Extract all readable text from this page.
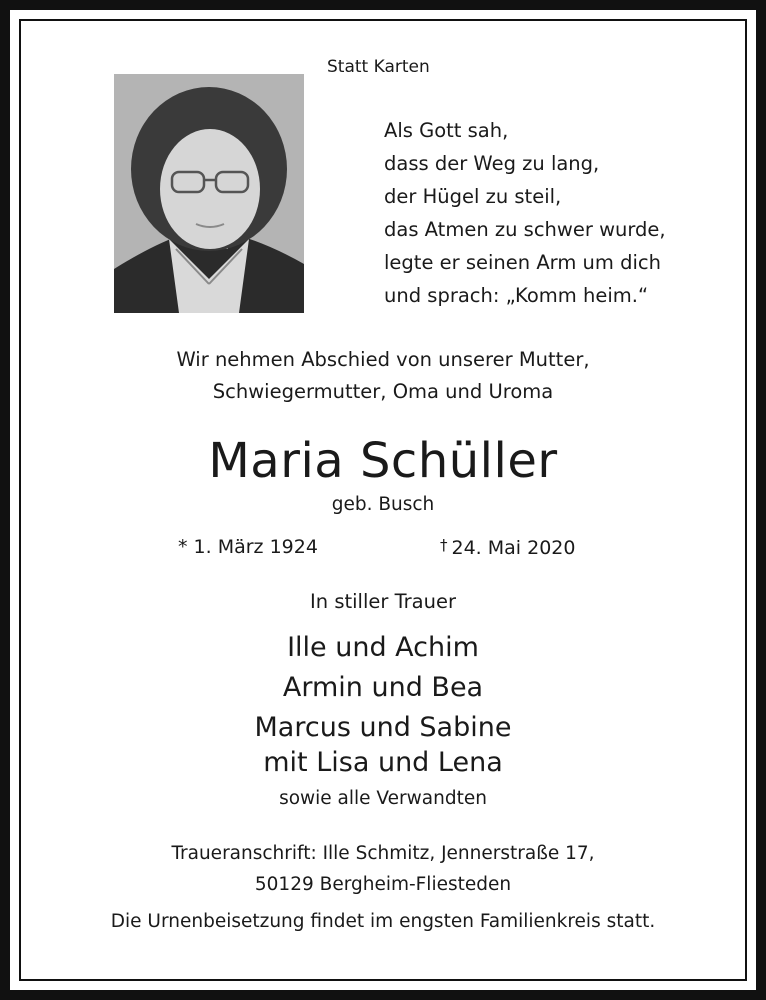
Statt Karten
Als Gott sah,
dass der Weg zu lang,
der Hügel zu steil,
das Atmen zu schwer wurde,
legte er seinen Arm um dich
und sprach: „Komm heim.“
Wir nehmen Abschied von unserer Mutter,
Schwiegermutter, Oma und Uroma
Maria Schüller
geb. Busch
* 1. März 1924	† 24. Mai 2020
In stiller Trauer
Ille und Achim
Armin und Bea
Marcus und Sabine
mit Lisa und Lena
sowie alle Verwandten
Traueranschrift: Ille Schmitz, Jennerstraße 17,
50129 Bergheim-Fliesteden
Die Urnenbeisetzung findet im engsten Familienkreis statt.
